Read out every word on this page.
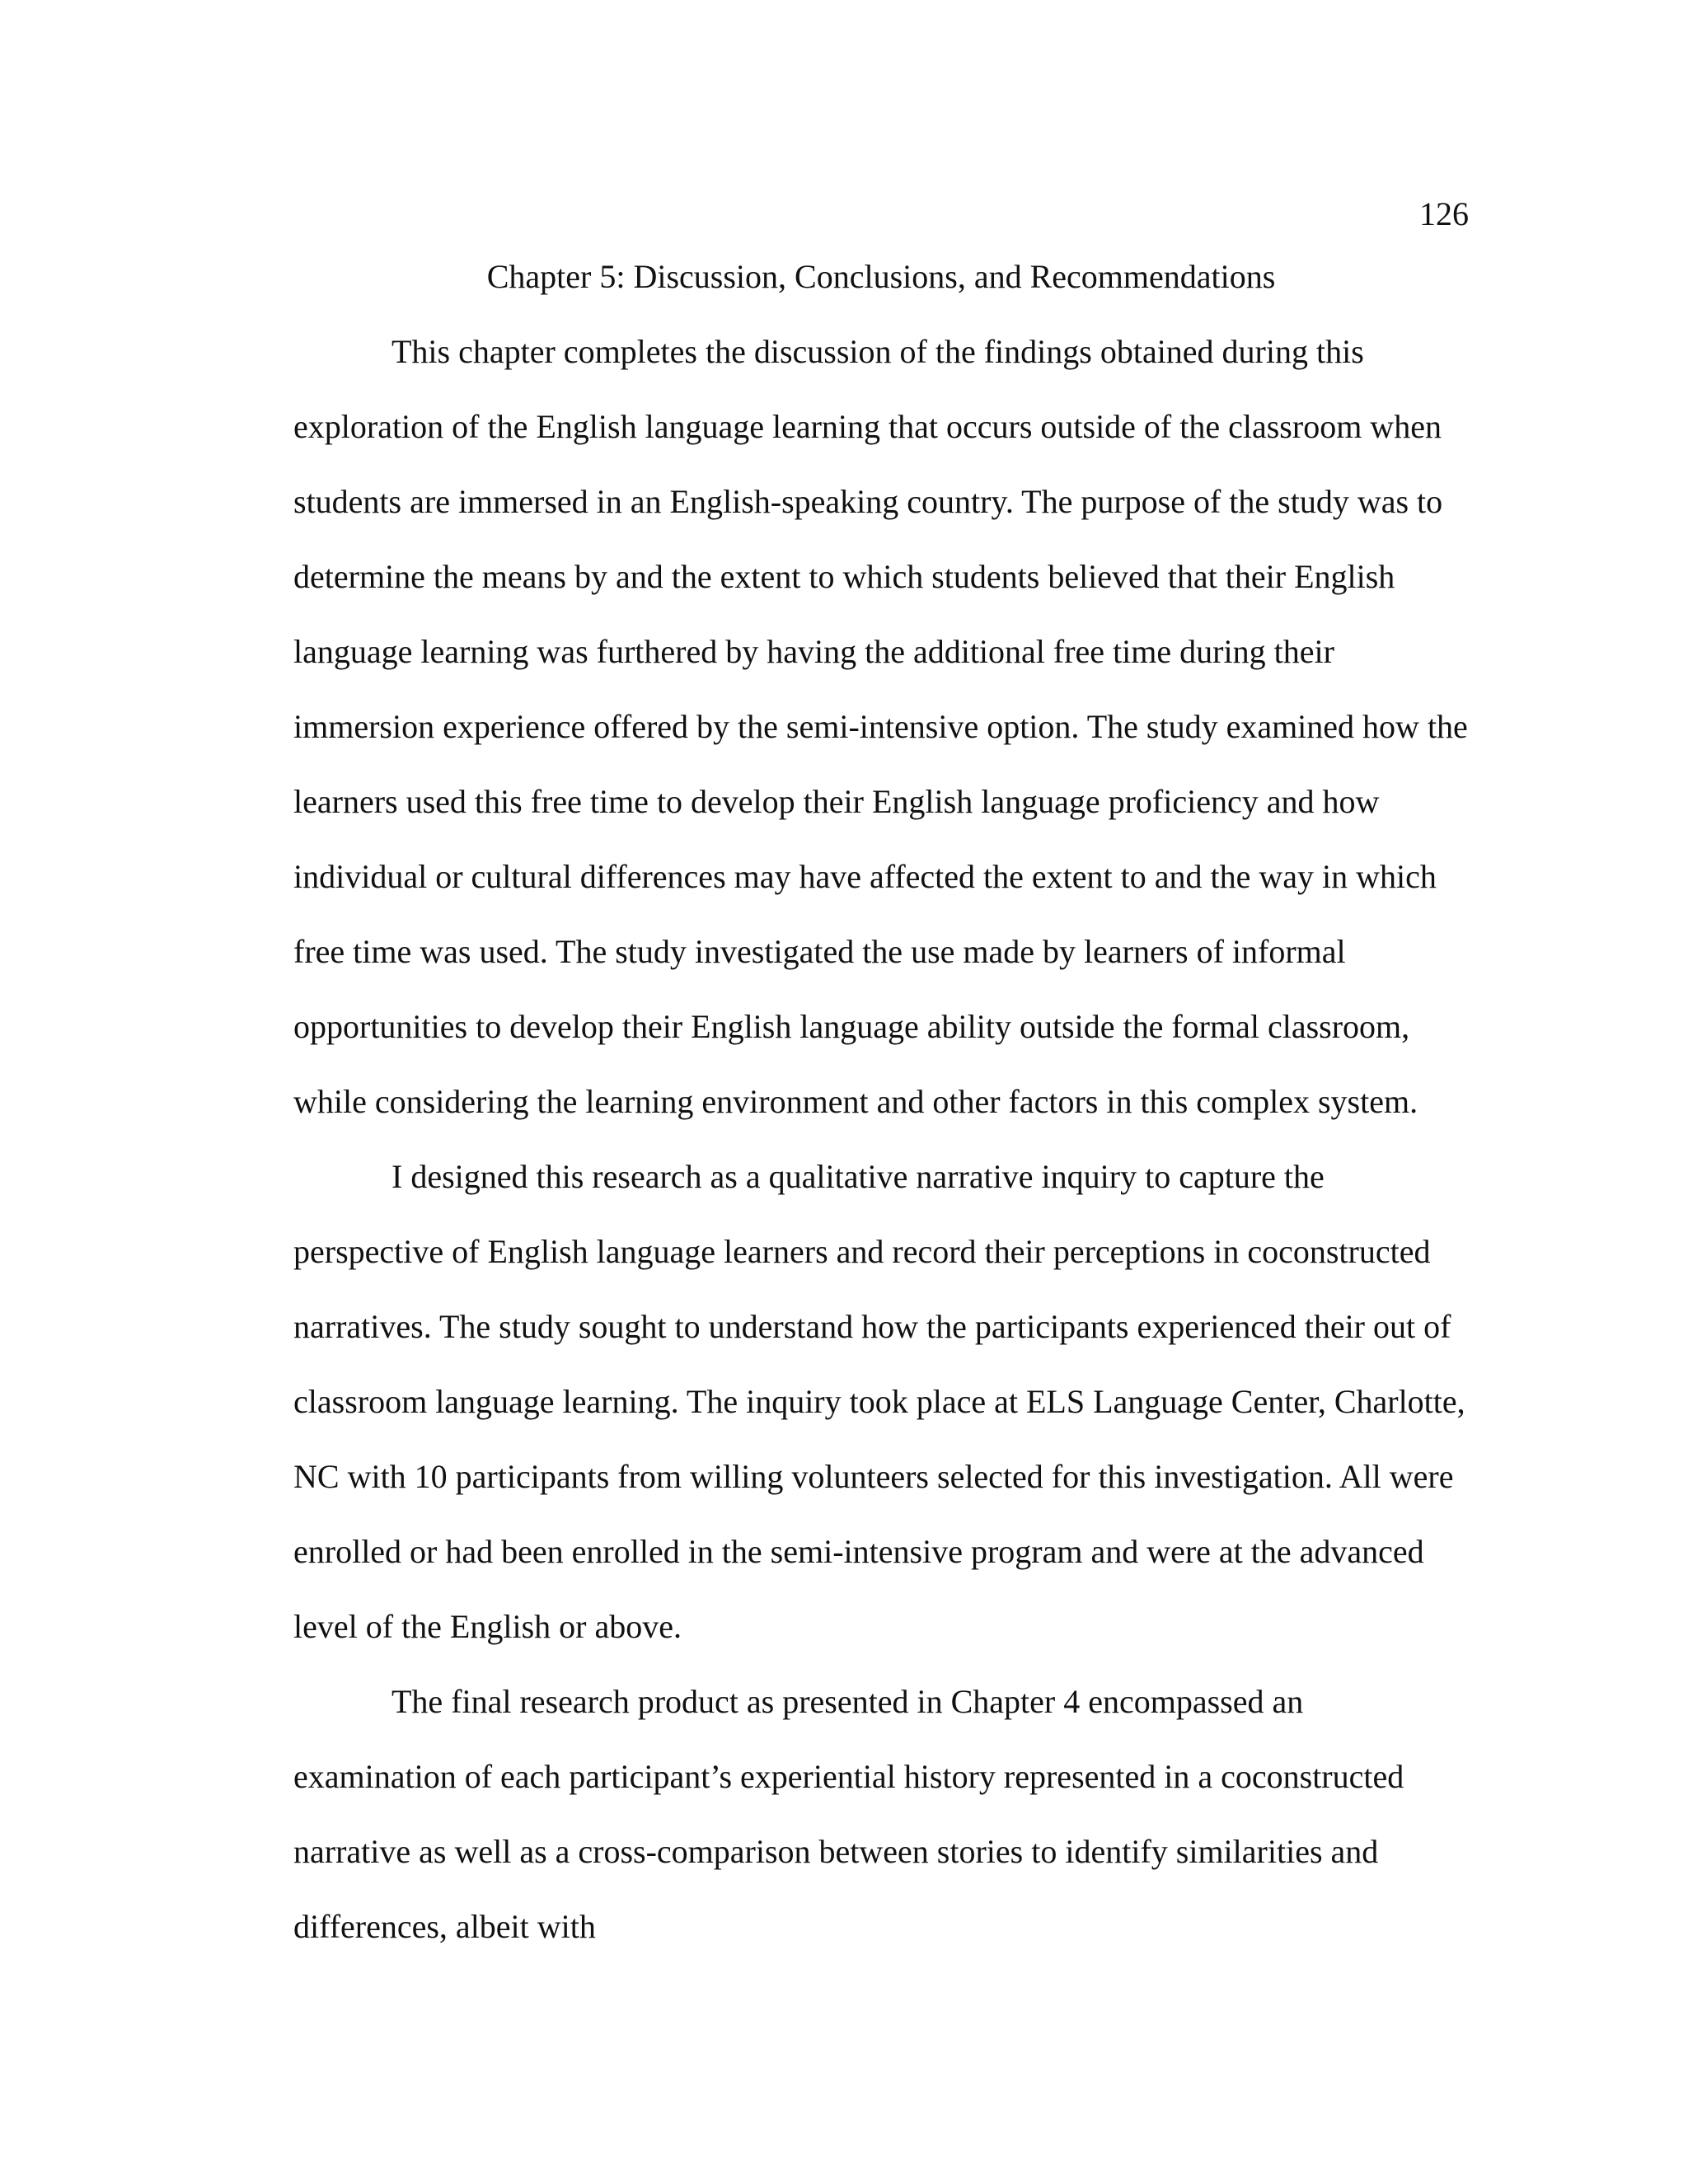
126
Chapter 5: Discussion, Conclusions, and Recommendations

This chapter completes the discussion of the findings obtained during this exploration of the English language learning that occurs outside of the classroom when students are immersed in an English-speaking country. The purpose of the study was to determine the means by and the extent to which students believed that their English language learning was furthered by having the additional free time during their immersion experience offered by the semi-intensive option. The study examined how the learners used this free time to develop their English language proficiency and how individual or cultural differences may have affected the extent to and the way in which free time was used. The study investigated the use made by learners of informal opportunities to develop their English language ability outside the formal classroom, while considering the learning environment and other factors in this complex system.

I designed this research as a qualitative narrative inquiry to capture the perspective of English language learners and record their perceptions in coconstructed narratives. The study sought to understand how the participants experienced their out of classroom language learning. The inquiry took place at ELS Language Center, Charlotte, NC with 10 participants from willing volunteers selected for this investigation. All were enrolled or had been enrolled in the semi-intensive program and were at the advanced level of the English or above.

The final research product as presented in Chapter 4 encompassed an examination of each participant’s experiential history represented in a coconstructed narrative as well as a cross-comparison between stories to identify similarities and differences, albeit with
